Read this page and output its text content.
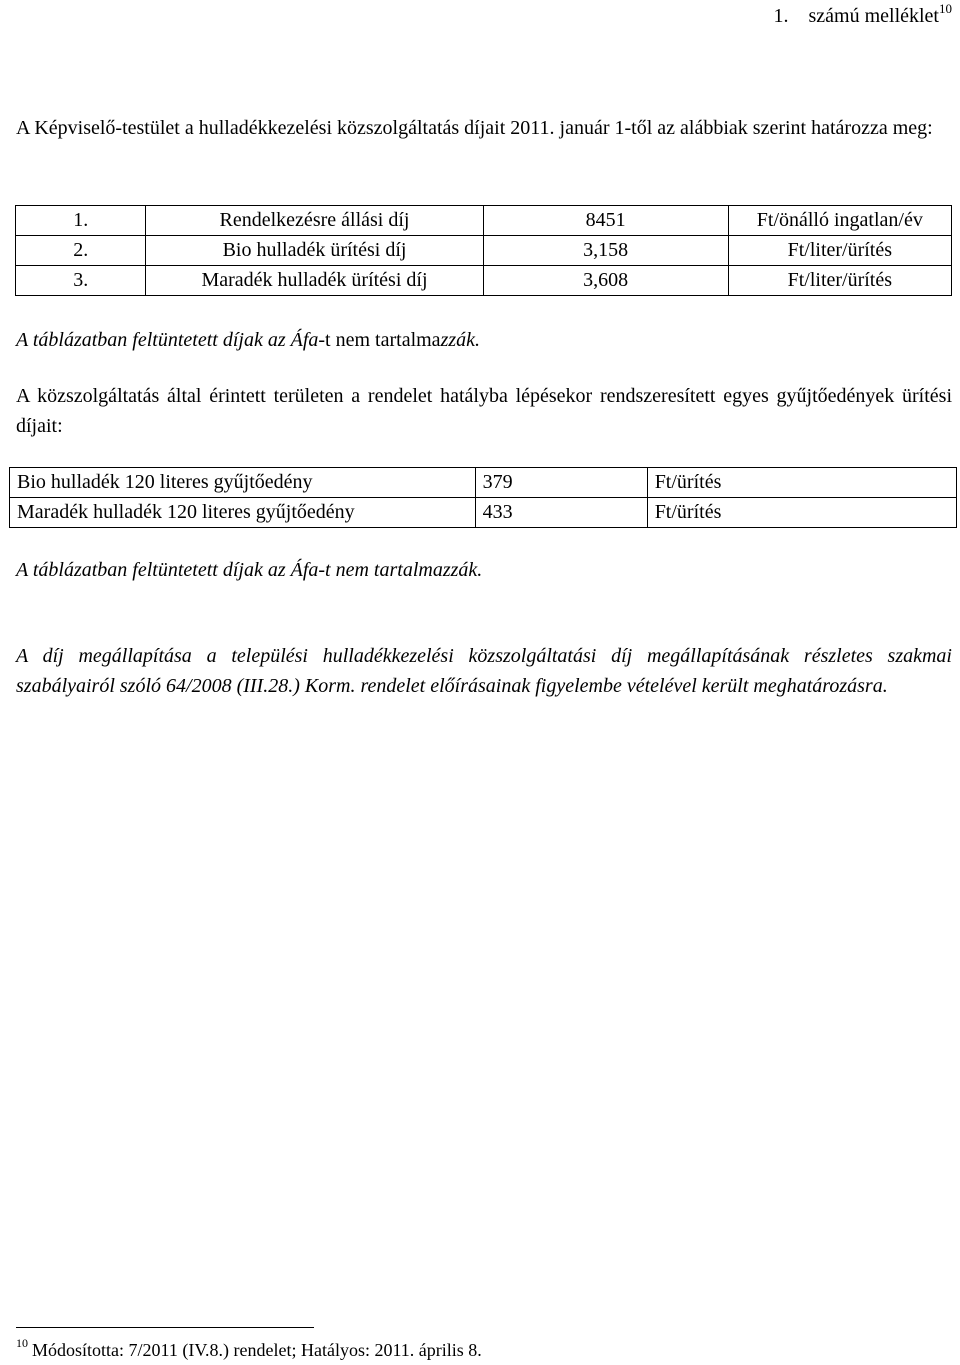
1.    számú melléklet$^{10}$
A Képviselő-testület a hulladékkezelési közszolgáltatás díjait 2011. január 1-től az alábbiak szerint határozza meg:
1.	Rendelkezésre állási díj	8451	Ft/önálló ingatlan/év
2.	Bio hulladék ürítési díj	3,158	Ft/liter/ürítés
3.	Maradék hulladék ürítési díj	3,608	Ft/liter/ürítés
A táblázatban feltüntetett díjak az Áfa-t nem tartalmazzák.
A közszolgáltatás által érintett területen a rendelet hatályba lépésekor rendszeresített egyes gyűjtőedények ürítési díjait:
Bio hulladék 120 literes gyűjtőedény	379	Ft/ürítés
Maradék hulladék 120 literes gyűjtőedény	433	Ft/ürítés
A táblázatban feltüntetett díjak az Áfa-t nem tartalmazzák.
A díj megállapítása a települési hulladékkezelési közszolgáltatási díj megállapításának részletes szakmai szabályairól szóló 64/2008 (III.28.) Korm. rendelet előírásainak figyelembe vételével került meghatározásra.
$^{10}$ Módosította: 7/2011 (IV.8.) rendelet; Hatályos: 2011. április 8.
